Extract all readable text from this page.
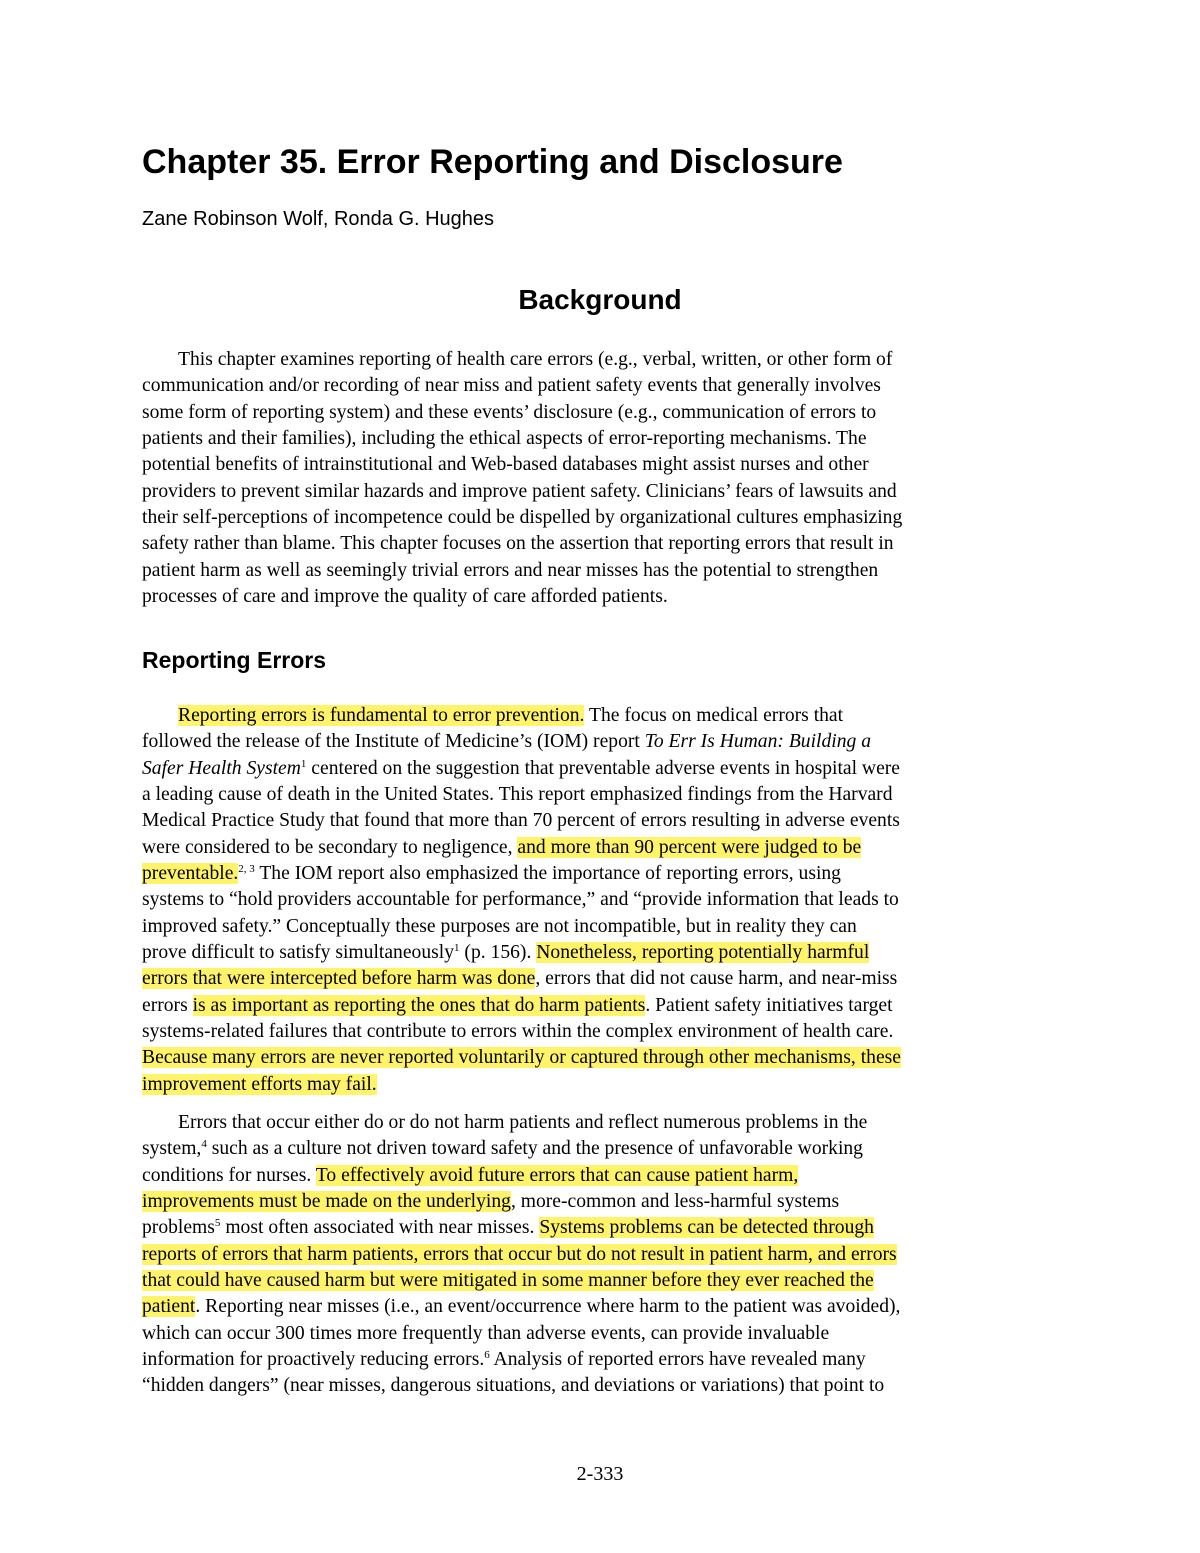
Chapter 35. Error Reporting and Disclosure

Zane Robinson Wolf, Ronda G. Hughes

Background
This chapter examines reporting of health care errors (e.g., verbal, written, or other form of
communication and/or recording of near miss and patient safety events that generally involves
some form of reporting system) and these events’ disclosure (e.g., communication of errors to
patients and their families), including the ethical aspects of error-reporting mechanisms. The
potential benefits of intrainstitutional and Web-based databases might assist nurses and other
providers to prevent similar hazards and improve patient safety. Clinicians’ fears of lawsuits and
their self-perceptions of incompetence could be dispelled by organizational cultures emphasizing
safety rather than blame. This chapter focuses on the assertion that reporting errors that result in
patient harm as well as seemingly trivial errors and near misses has the potential to strengthen
processes of care and improve the quality of care afforded patients.
Reporting Errors
Reporting errors is fundamental to error prevention. The focus on medical errors that
followed the release of the Institute of Medicine’s (IOM) report To Err Is Human: Building a
Safer Health System$^1$ centered on the suggestion that preventable adverse events in hospital were
a leading cause of death in the United States. This report emphasized findings from the Harvard
Medical Practice Study that found that more than 70 percent of errors resulting in adverse events
were considered to be secondary to negligence, and more than 90 percent were judged to be
preventable.$^{2, 3}$ The IOM report also emphasized the importance of reporting errors, using
systems to “hold providers accountable for performance,” and “provide information that leads to
improved safety.” Conceptually these purposes are not incompatible, but in reality they can
prove difficult to satisfy simultaneously$^1$ (p. 156). Nonetheless, reporting potentially harmful
errors that were intercepted before harm was done, errors that did not cause harm, and near-miss
errors is as important as reporting the ones that do harm patients. Patient safety initiatives target
systems-related failures that contribute to errors within the complex environment of health care.
Because many errors are never reported voluntarily or captured through other mechanisms, these
improvement efforts may fail.
Errors that occur either do or do not harm patients and reflect numerous problems in the
system,$^4$ such as a culture not driven toward safety and the presence of unfavorable working
conditions for nurses. To effectively avoid future errors that can cause patient harm,
improvements must be made on the underlying, more-common and less-harmful systems
problems$^5$ most often associated with near misses. Systems problems can be detected through
reports of errors that harm patients, errors that occur but do not result in patient harm, and errors
that could have caused harm but were mitigated in some manner before they ever reached the
patient. Reporting near misses (i.e., an event/occurrence where harm to the patient was avoided),
which can occur 300 times more frequently than adverse events, can provide invaluable
information for proactively reducing errors.$^6$ Analysis of reported errors have revealed many
“hidden dangers” (near misses, dangerous situations, and deviations or variations) that point to
2-333
